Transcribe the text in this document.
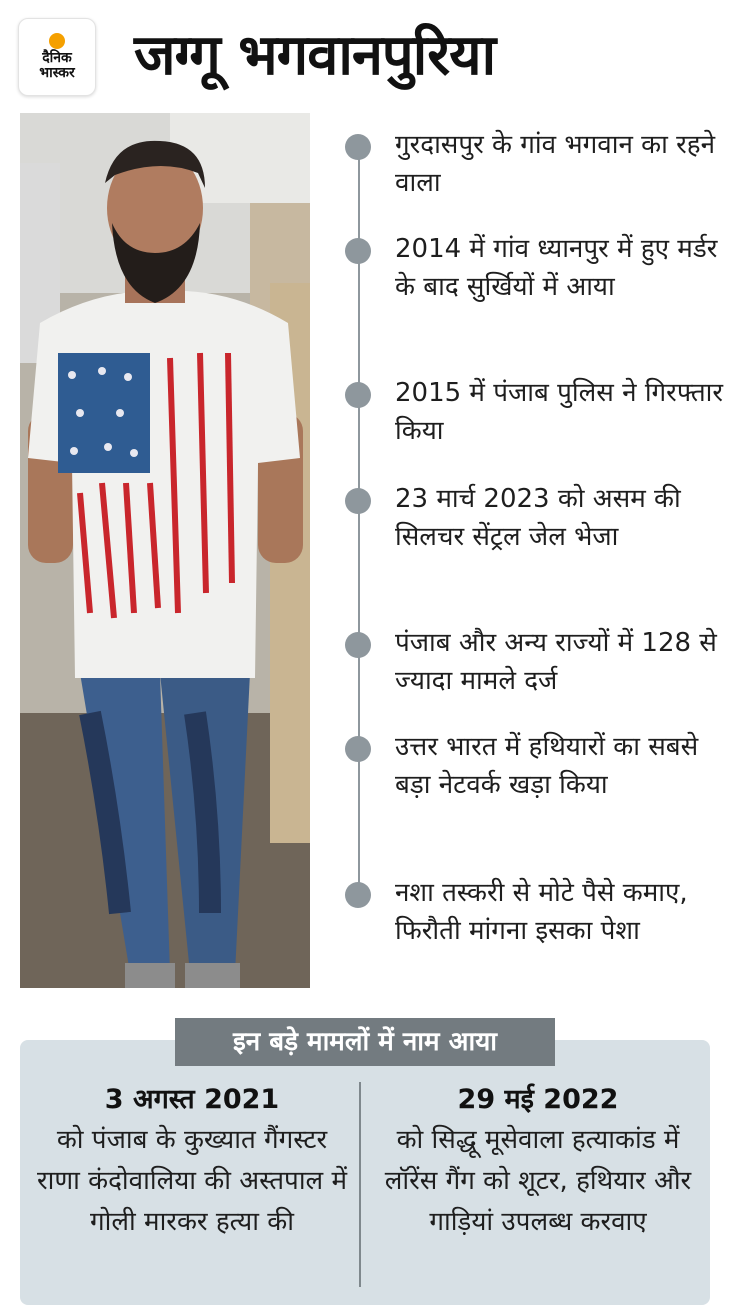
दैनिक
भास्कर जग्गू भगवानपुरिया
गुरदासपुर के गांव भगवान का रहने वाला
2014 में गांव ध्यानपुर में हुए मर्डर के बाद सुर्खियों में आया
2015 में पंजाब पुलिस ने गिरफ्तार किया
23 मार्च 2023 को असम की सिलचर सेंट्रल जेल भेजा
पंजाब और अन्य राज्यों में 128 से ज्यादा मामले दर्ज
उत्तर भारत में हथियारों का सबसे बड़ा नेटवर्क खड़ा किया
नशा तस्करी से मोटे पैसे कमाए, फिरौती मांगना इसका पेशा
इन बड़े मामलों में नाम आया
3 अगस्त 2021
को पंजाब के कुख्यात गैंगस्टर राणा कंदोवालिया की अस्तपाल में गोली मारकर हत्या की
29 मई 2022
को सिद्धू मूसेवाला हत्याकांड में लॉरेंस गैंग को शूटर, हथियार और गाड़ियां उपलब्ध करवाए
